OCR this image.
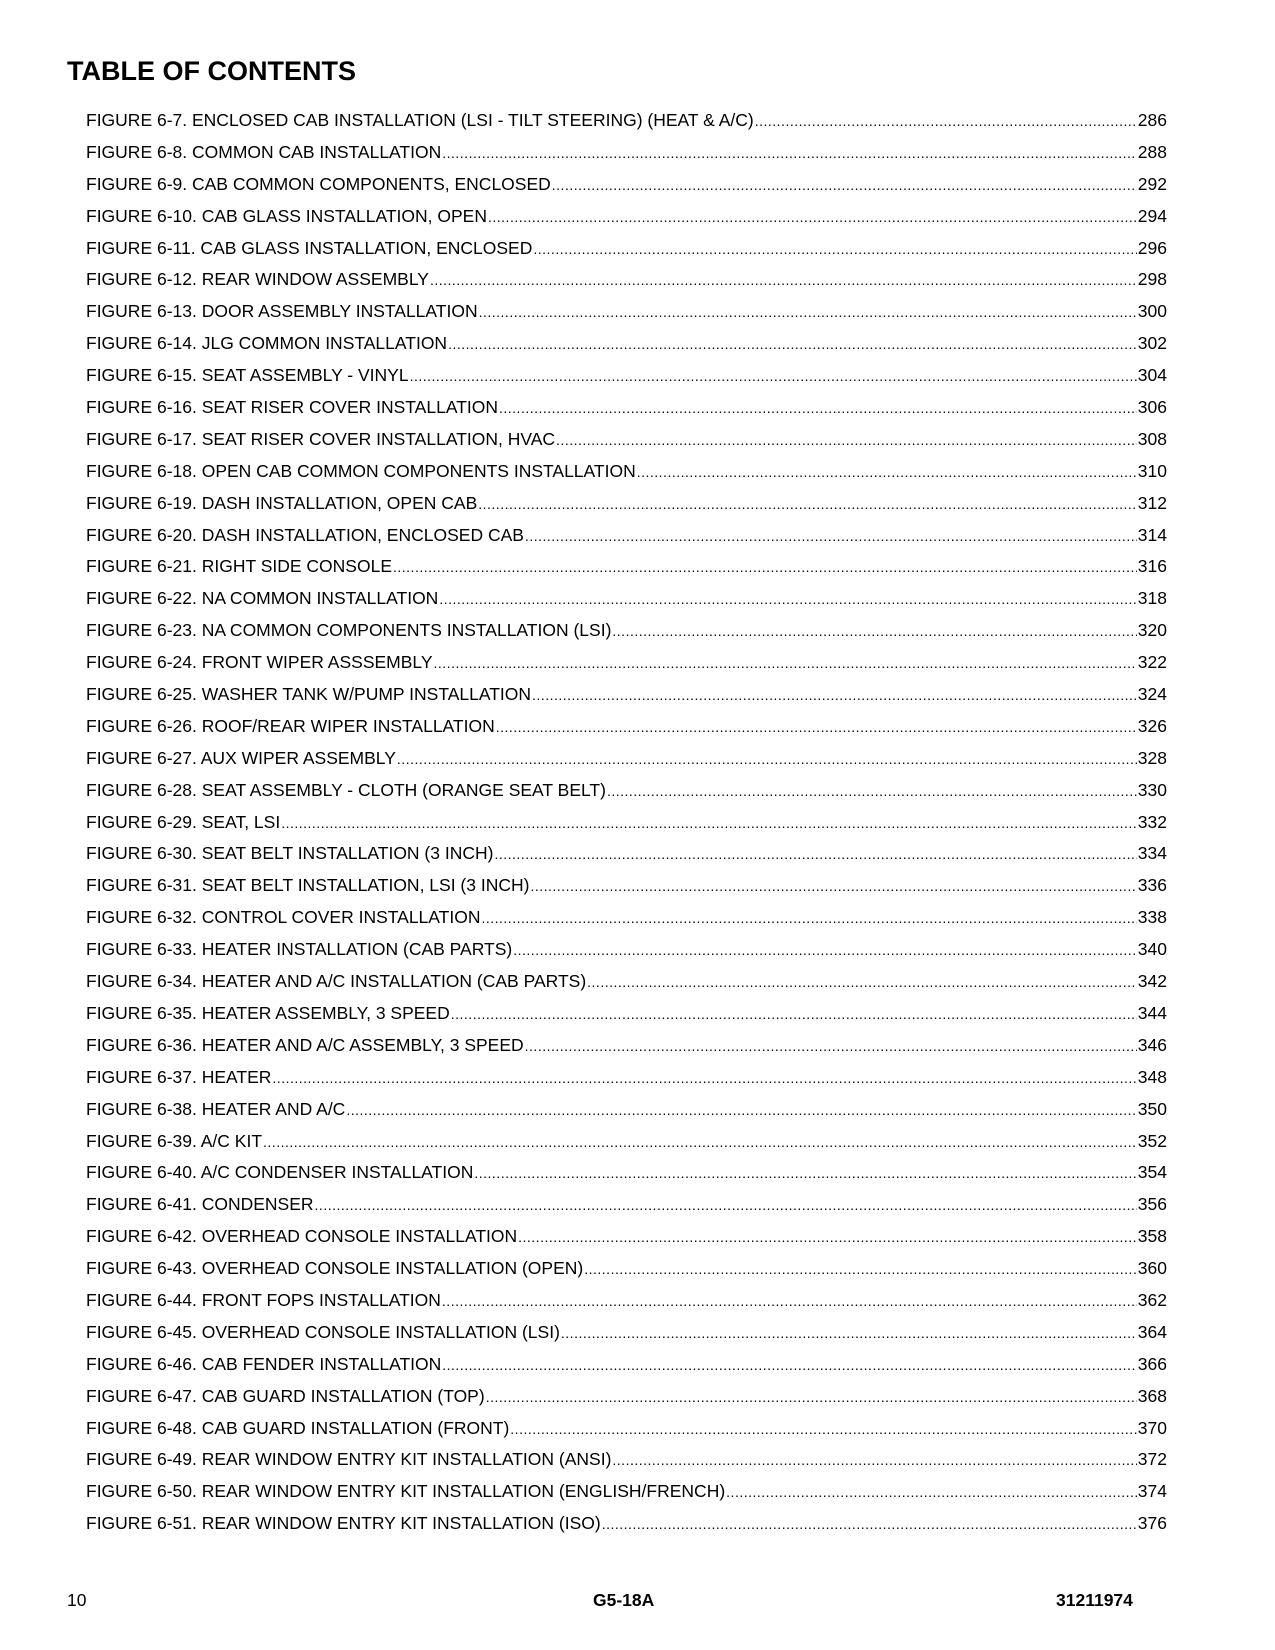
TABLE OF CONTENTS
FIGURE 6-7. ENCLOSED CAB INSTALLATION (LSI - TILT STEERING) (HEAT & A/C) .....	286
FIGURE 6-8. COMMON CAB INSTALLATION .....	288
FIGURE 6-9. CAB COMMON COMPONENTS, ENCLOSED .....	292
FIGURE 6-10. CAB GLASS INSTALLATION, OPEN .....	294
FIGURE 6-11. CAB GLASS INSTALLATION, ENCLOSED .....	296
FIGURE 6-12. REAR WINDOW ASSEMBLY .....	298
FIGURE 6-13. DOOR ASSEMBLY INSTALLATION .....	300
FIGURE 6-14. JLG COMMON INSTALLATION .....	302
FIGURE 6-15. SEAT ASSEMBLY - VINYL .....	304
FIGURE 6-16. SEAT RISER COVER INSTALLATION .....	306
FIGURE 6-17. SEAT RISER COVER INSTALLATION, HVAC .....	308
FIGURE 6-18. OPEN CAB COMMON COMPONENTS INSTALLATION .....	310
FIGURE 6-19. DASH INSTALLATION, OPEN CAB .....	312
FIGURE 6-20. DASH INSTALLATION, ENCLOSED CAB .....	314
FIGURE 6-21. RIGHT SIDE CONSOLE .....	316
FIGURE 6-22. NA COMMON INSTALLATION .....	318
FIGURE 6-23. NA COMMON COMPONENTS INSTALLATION (LSI) .....	320
FIGURE 6-24. FRONT WIPER ASSSEMBLY .....	322
FIGURE 6-25. WASHER TANK W/PUMP INSTALLATION .....	324
FIGURE 6-26. ROOF/REAR WIPER INSTALLATION .....	326
FIGURE 6-27. AUX WIPER ASSEMBLY .....	328
FIGURE 6-28. SEAT ASSEMBLY - CLOTH (ORANGE SEAT BELT) .....	330
FIGURE 6-29. SEAT, LSI .....	332
FIGURE 6-30. SEAT BELT INSTALLATION (3 INCH) .....	334
FIGURE 6-31. SEAT BELT INSTALLATION, LSI (3 INCH) .....	336
FIGURE 6-32. CONTROL COVER INSTALLATION .....	338
FIGURE 6-33. HEATER INSTALLATION (CAB PARTS) .....	340
FIGURE 6-34. HEATER AND A/C INSTALLATION (CAB PARTS) .....	342
FIGURE 6-35. HEATER ASSEMBLY, 3 SPEED .....	344
FIGURE 6-36. HEATER AND A/C ASSEMBLY, 3 SPEED .....	346
FIGURE 6-37. HEATER .....	348
FIGURE 6-38. HEATER AND A/C .....	350
FIGURE 6-39. A/C KIT .....	352
FIGURE 6-40. A/C CONDENSER INSTALLATION .....	354
FIGURE 6-41. CONDENSER .....	356
FIGURE 6-42. OVERHEAD CONSOLE INSTALLATION .....	358
FIGURE 6-43. OVERHEAD CONSOLE INSTALLATION (OPEN) .....	360
FIGURE 6-44. FRONT FOPS INSTALLATION .....	362
FIGURE 6-45. OVERHEAD CONSOLE INSTALLATION (LSI) .....	364
FIGURE 6-46. CAB FENDER INSTALLATION .....	366
FIGURE 6-47. CAB GUARD INSTALLATION (TOP) .....	368
FIGURE 6-48. CAB GUARD INSTALLATION (FRONT) .....	370
FIGURE 6-49. REAR WINDOW ENTRY KIT INSTALLATION (ANSI) .....	372
FIGURE 6-50. REAR WINDOW ENTRY KIT INSTALLATION (ENGLISH/FRENCH) .....	374
FIGURE 6-51. REAR WINDOW ENTRY KIT INSTALLATION (ISO) .....	376
10	G5-18A	31211974
